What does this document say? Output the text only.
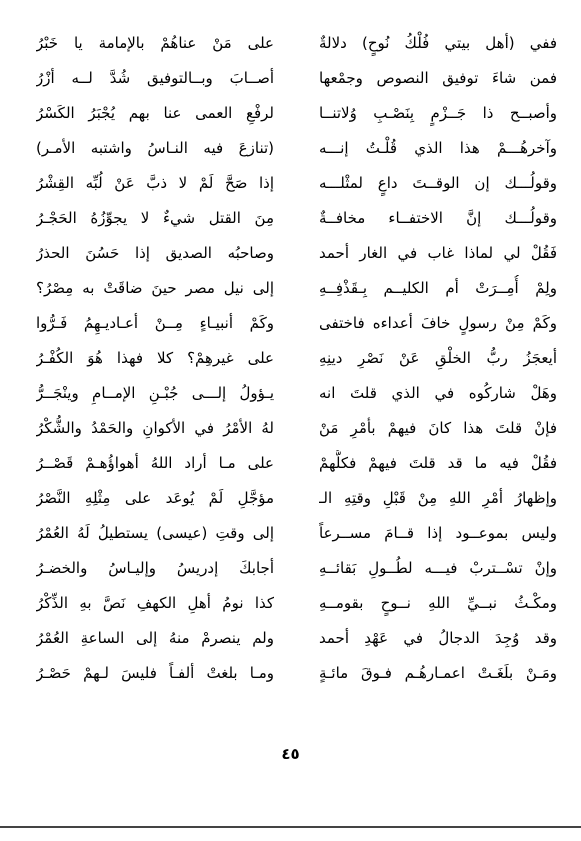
ففي (أهل بيتي فُلْكُ نُوحٍ) دلالةٌ
على مَنْ عناهُمْ بالإمامة يا خَبْرُ
فمن شاءَ توفيق النصوص وجمْعها
أصــابَ وبــالتوفيق شُدَّ لــه أزْرُ
وأصبــح ذا جَــزْمٍ بِنَصْـبِ وُلاتنــا
لرفْعِ العمى عنا بهم يُجْبَرُ الكَسْرُ
وآخرهُـــمْ هذا الذي قُلْـتُ إنـــه
(تنازعَ فيه النـاسُ واشتبه الأمـر)
وقولُـــك إن الوقــتَ داعٍ لمثْلـــه
إذا صَحَّ لَمْ لا ذبَّ عَنْ لُبِّه القِشْرُ
وقولُـــك إنَّ الاختفــاء مخافــةٌ
مِنَ القتل شيءٌ لا يجوِّزُهُ الحَجْـرُ
فَقُلْ لي لماذا غاب في الغار أحمد
وصاحبُه الصديق إذا حَسُنَ الحذرُ
ولِمْ أُمِــرَتْ أم الكليــم بِـقَذْفِــهِ
إلى نيل مصر حينَ ضاقَتْ به مِصْرُ؟
وكَمْ مِنْ رسولٍ خافَ أعداءه فاختفى
وكَمْ أنبيـاءٍ مِــنْ أعـاديـهِمُ فَـرُّوا
أيعجَزُ ربُّ الخلْقِ عَنْ نَصْرِ دينِهِ
على غيرهِمْ؟ كلا فهذا هُوَ الكُفْـرُ
وهَلْ شاركُوه في الذي قلتَ انه
يـؤولُ إلـــى جُبْـنِ الإمــامِ وينْجَــرُّ
فإنْ قلتَ هذا كانَ فيهمْ بأمْرِ مَنْ
لهُ الأمْرُ في الأكوانِ والحَمْدُ والشُّكْرُ
فقُلْ فيه ما قد قلتَ فيهمْ فكلُّهمْ
على مـا أراد اللهُ أهواؤُهـمْ قَصْــرُ
وإظهارُ أمْرِ اللهِ مِنْ قَبْلِ وقتِهِ الـ
مؤجَّلِ لَمْ يُوعَد على مِثْلِهِ النَّصْرُ
وليس بموعــود إذا قــامَ مســرعاً
إلى وقتِ (عيسى) يستطيلُ لَهُ العُمْرُ
وإنْ تسْــتربْ فيـــه لطُــولِ بَقائــهِ
أجابكَ إدريسُ وإليـاسُ والخضـرُ
ومكْـثُ نبــيِّ اللهِ نــوحٍ بقومــهِ
كذا نومُ أهلِ الكهفِ نَصَّ بهِ الذِّكْرُ
وقد وُجِدَ الدجالُ في عَهْدِ أحمد
ولم ينصرمْ منهُ إلى الساعةِ العُمْرُ
ومَـنْ بلَغَـتْ اعمـارهُـم فـوقَ مائـةٍ
ومـا بلغتْ ألفـاً فليسَ لـهمْ حَصْـرُ
٤٥
